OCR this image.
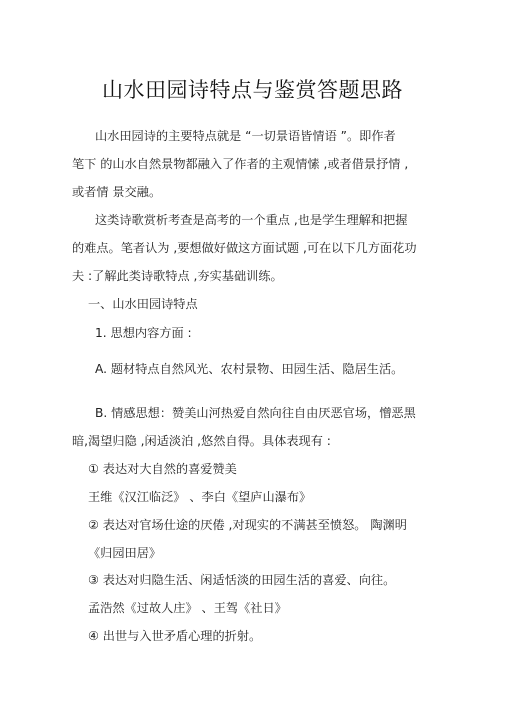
山水田园诗特点与鉴赏答题思路
山水田园诗的主要特点就是 “一切景语皆情语 ”。即作者
笔下 的山水自然景物都融入了作者的主观情愫 ,或者借景抒情 ,
或者情 景交融。
这类诗歌赏析考查是高考的一个重点 ,也是学生理解和把握
的难点。笔者认为 ,要想做好做这方面试题 ,可在以下几方面花功
夫 :了解此类诗歌特点 ,夯实基础训练。
一、山水田园诗特点
1. 思想内容方面 :
A. 题材特点自然风光、农村景物、田园生活、隐居生活。
B. 情感思想：赞美山河热爱自然向往自由厌恶官场，憎恶黑
暗,渴望归隐 ,闲适淡泊 ,悠然自得。具体表现有 :
① 表达对大自然的喜爱赞美
王维《汉江临泛》 、李白《望庐山瀑布》
② 表达对官场仕途的厌倦 ,对现实的不满甚至愤怒。 陶渊明
《归园田居》
③ 表达对归隐生活、闲适恬淡的田园生活的喜爱、向往。
孟浩然《过故人庄》 、王驾《社日》
④ 出世与入世矛盾心理的折射。
